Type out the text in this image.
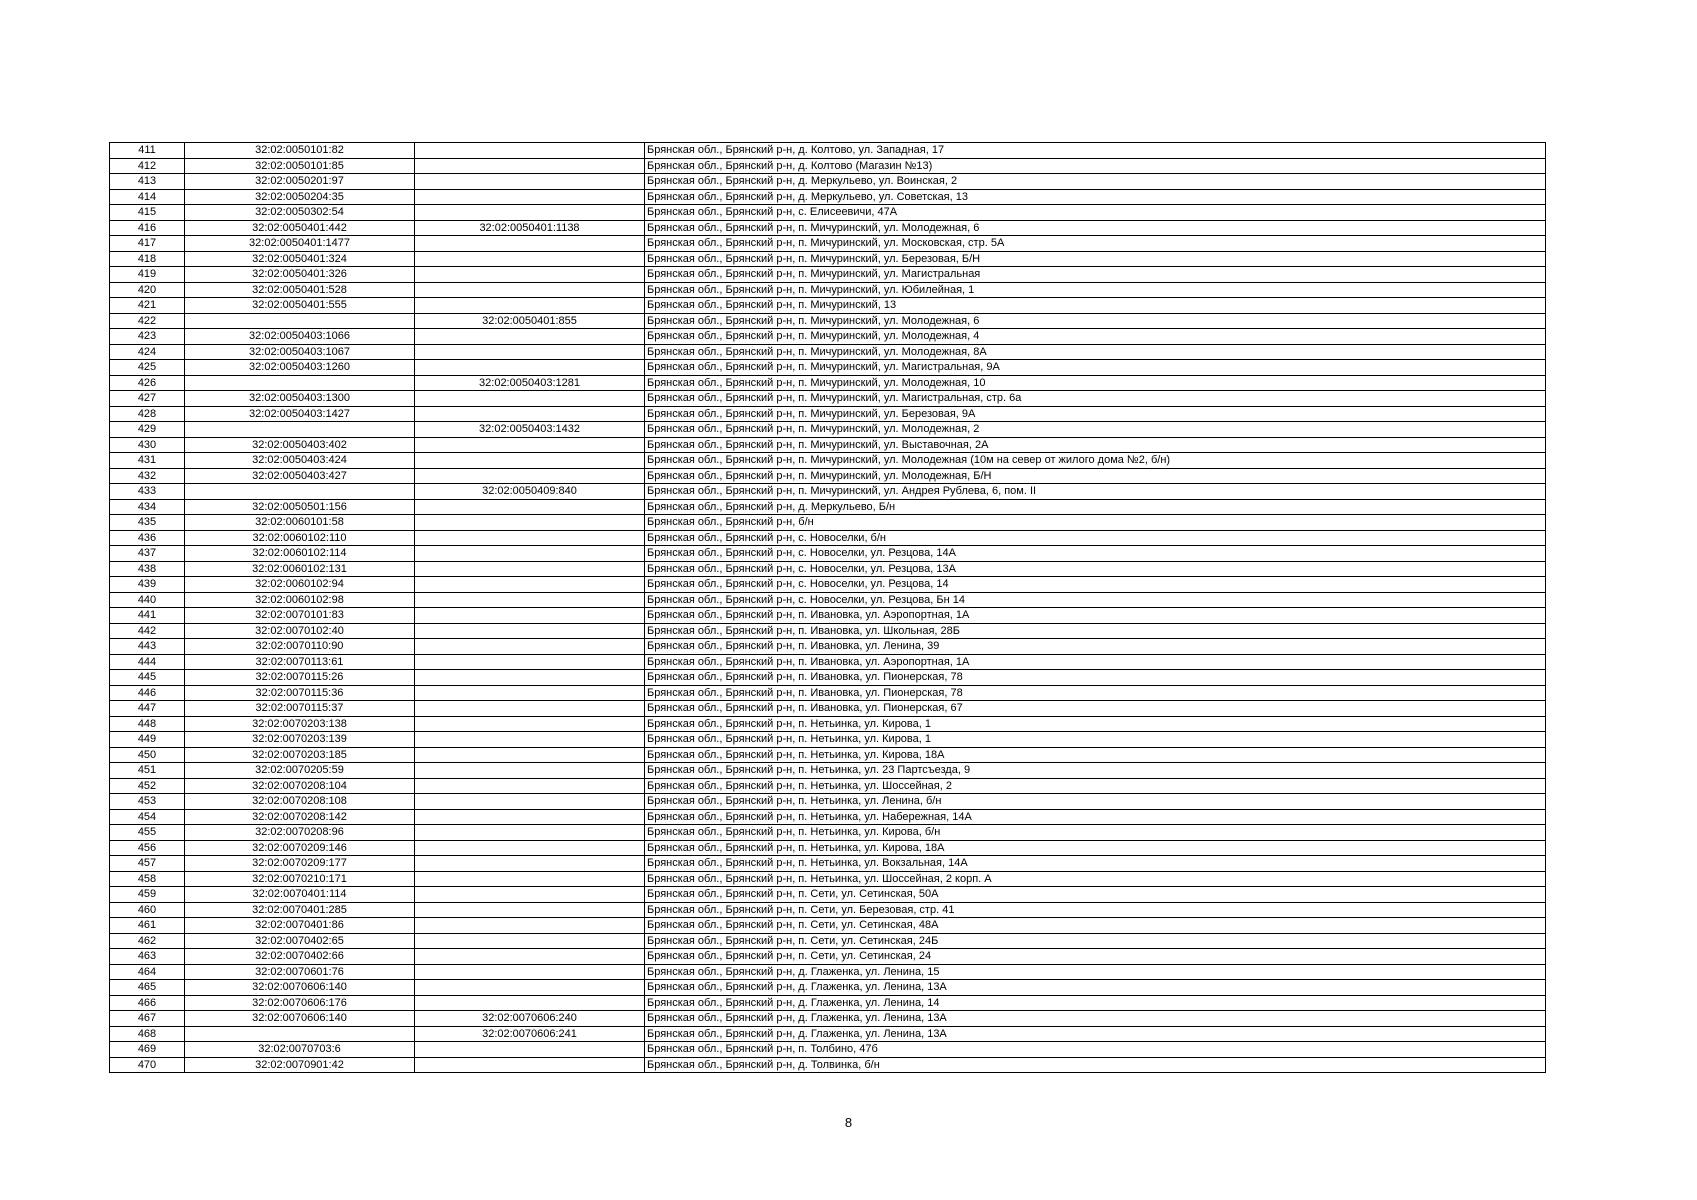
411	32:02:0050101:82		Брянская обл., Брянский р-н, д. Колтово, ул. Западная, 17
412	32:02:0050101:85		Брянская обл., Брянский р-н, д. Колтово (Магазин №13)
413	32:02:0050201:97		Брянская обл., Брянский р-н, д. Меркульево, ул. Воинская, 2
414	32:02:0050204:35		Брянская обл., Брянский р-н, д. Меркульево, ул. Советская, 13
415	32:02:0050302:54		Брянская обл., Брянский р-н, с. Елисеевичи, 47А
416	32:02:0050401:442	32:02:0050401:1138	Брянская обл., Брянский р-н, п. Мичуринский, ул. Молодежная, 6
417	32:02:0050401:1477		Брянская обл., Брянский р-н, п. Мичуринский, ул. Московская, стр. 5А
418	32:02:0050401:324		Брянская обл., Брянский р-н, п. Мичуринский, ул. Березовая, Б/Н
419	32:02:0050401:326		Брянская обл., Брянский р-н, п. Мичуринский, ул. Магистральная
420	32:02:0050401:528		Брянская обл., Брянский р-н, п. Мичуринский, ул. Юбилейная, 1
421	32:02:0050401:555		Брянская обл., Брянский р-н, п. Мичуринский, 13
422		32:02:0050401:855	Брянская обл., Брянский р-н, п. Мичуринский, ул. Молодежная, 6
423	32:02:0050403:1066		Брянская обл., Брянский р-н, п. Мичуринский, ул. Молодежная, 4
424	32:02:0050403:1067		Брянская обл., Брянский р-н, п. Мичуринский, ул. Молодежная, 8А
425	32:02:0050403:1260		Брянская обл., Брянский р-н, п. Мичуринский, ул. Магистральная, 9А
426		32:02:0050403:1281	Брянская обл., Брянский р-н, п. Мичуринский, ул. Молодежная, 10
427	32:02:0050403:1300		Брянская обл., Брянский р-н, п. Мичуринский, ул. Магистральная, стр. 6а
428	32:02:0050403:1427		Брянская обл., Брянский р-н, п. Мичуринский, ул. Березовая, 9А
429		32:02:0050403:1432	Брянская обл., Брянский р-н, п. Мичуринский, ул. Молодежная, 2
430	32:02:0050403:402		Брянская обл., Брянский р-н, п. Мичуринский, ул. Выставочная, 2А
431	32:02:0050403:424		Брянская обл., Брянский р-н, п. Мичуринский, ул. Молодежная (10м на север от жилого дома №2, б/н)
432	32:02:0050403:427		Брянская обл., Брянский р-н, п. Мичуринский, ул. Молодежная, Б/Н
433		32:02:0050409:840	Брянская обл., Брянский р-н, п. Мичуринский, ул. Андрея Рублева, 6, пом. II
434	32:02:0050501:156		Брянская обл., Брянский р-н, д. Меркульево, Б/н
435	32:02:0060101:58		Брянская обл., Брянский р-н, б/н
436	32:02:0060102:110		Брянская обл., Брянский р-н, с. Новоселки, б/н
437	32:02:0060102:114		Брянская обл., Брянский р-н, с. Новоселки, ул. Резцова, 14А
438	32:02:0060102:131		Брянская обл., Брянский р-н, с. Новоселки, ул. Резцова, 13А
439	32:02:0060102:94		Брянская обл., Брянский р-н, с. Новоселки, ул. Резцова, 14
440	32:02:0060102:98		Брянская обл., Брянский р-н, с. Новоселки, ул. Резцова, Бн 14
441	32:02:0070101:83		Брянская обл., Брянский р-н, п. Ивановка, ул. Аэропортная, 1А
442	32:02:0070102:40		Брянская обл., Брянский р-н, п. Ивановка, ул. Школьная, 28Б
443	32:02:0070110:90		Брянская обл., Брянский р-н, п. Ивановка, ул. Ленина, 39
444	32:02:0070113:61		Брянская обл., Брянский р-н, п. Ивановка, ул. Аэропортная, 1А
445	32:02:0070115:26		Брянская обл., Брянский р-н, п. Ивановка, ул. Пионерская, 78
446	32:02:0070115:36		Брянская обл., Брянский р-н, п. Ивановка, ул. Пионерская, 78
447	32:02:0070115:37		Брянская обл., Брянский р-н, п. Ивановка, ул. Пионерская, 67
448	32:02:0070203:138		Брянская обл., Брянский р-н, п. Нетьинка, ул. Кирова, 1
449	32:02:0070203:139		Брянская обл., Брянский р-н, п. Нетьинка, ул. Кирова, 1
450	32:02:0070203:185		Брянская обл., Брянский р-н, п. Нетьинка, ул. Кирова, 18А
451	32:02:0070205:59		Брянская обл., Брянский р-н, п. Нетьинка, ул. 23 Партсъезда, 9
452	32:02:0070208:104		Брянская обл., Брянский р-н, п. Нетьинка, ул. Шоссейная, 2
453	32:02:0070208:108		Брянская обл., Брянский р-н, п. Нетьинка, ул. Ленина, б/н
454	32:02:0070208:142		Брянская обл., Брянский р-н, п. Нетьинка, ул. Набережная, 14А
455	32:02:0070208:96		Брянская обл., Брянский р-н, п. Нетьинка, ул. Кирова, б/н
456	32:02:0070209:146		Брянская обл., Брянский р-н, п. Нетьинка, ул. Кирова, 18А
457	32:02:0070209:177		Брянская обл., Брянский р-н, п. Нетьинка, ул. Вокзальная, 14А
458	32:02:0070210:171		Брянская обл., Брянский р-н, п. Нетьинка, ул. Шоссейная, 2 корп. А
459	32:02:0070401:114		Брянская обл., Брянский р-н, п. Сети, ул. Сетинская, 50А
460	32:02:0070401:285		Брянская обл., Брянский р-н, п. Сети, ул. Березовая, стр. 41
461	32:02:0070401:86		Брянская обл., Брянский р-н, п. Сети, ул. Сетинская, 48А
462	32:02:0070402:65		Брянская обл., Брянский р-н, п. Сети, ул. Сетинская, 24Б
463	32:02:0070402:66		Брянская обл., Брянский р-н, п. Сети, ул. Сетинская, 24
464	32:02:0070601:76		Брянская обл., Брянский р-н, д. Глаженка, ул. Ленина, 15
465	32:02:0070606:140		Брянская обл., Брянский р-н, д. Глаженка, ул. Ленина, 13А
466	32:02:0070606:176		Брянская обл., Брянский р-н, д. Глаженка, ул. Ленина, 14
467	32:02:0070606:140	32:02:0070606:240	Брянская обл., Брянский р-н, д. Глаженка, ул. Ленина, 13А
468		32:02:0070606:241	Брянская обл., Брянский р-н, д. Глаженка, ул. Ленина, 13А
469	32:02:0070703:6		Брянская обл., Брянский р-н, п. Толбино, 47б
470	32:02:0070901:42		Брянская обл., Брянский р-н, д. Толвинка, б/н
8
